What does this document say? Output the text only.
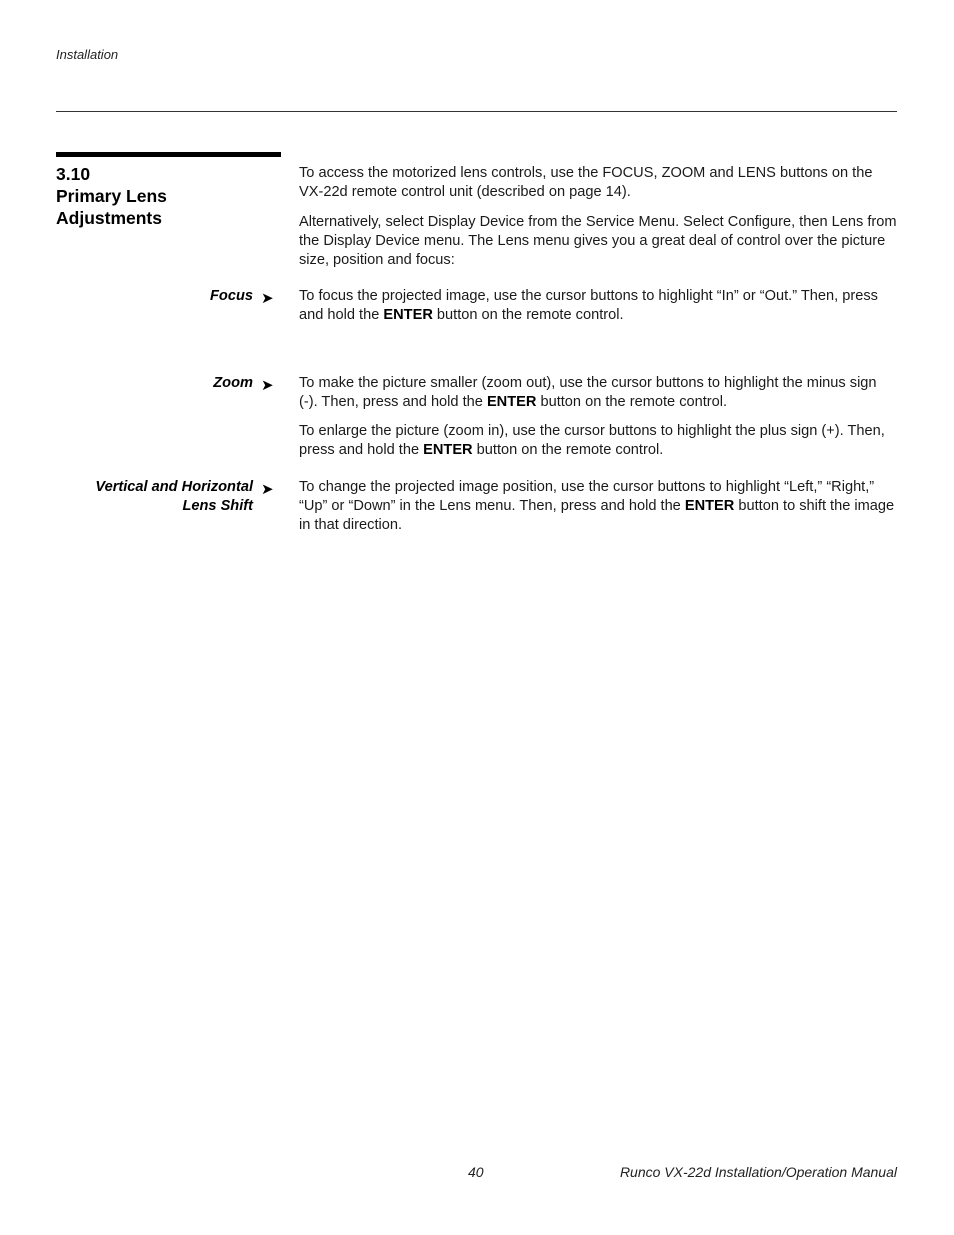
Installation
3.10
Primary Lens
Adjustments

To access the motorized lens controls, use the FOCUS, ZOOM and LENS buttons on the VX-22d remote control unit (described on page 14).

Alternatively, select Display Device from the Service Menu. Select Configure, then Lens from the Display Device menu. The Lens menu gives you a great deal of control over the picture size, position and focus:

Focus ➤ To focus the projected image, use the cursor buttons to highlight “In” or “Out.” Then, press and hold the ENTER button on the remote control.

Zoom ➤ To make the picture smaller (zoom out), use the cursor buttons to highlight the minus sign (-). Then, press and hold the ENTER button on the remote control.

To enlarge the picture (zoom in), use the cursor buttons to highlight the plus sign (+). Then, press and hold the ENTER button on the remote control.

Vertical and Horizontal
Lens Shift
➤ To change the projected image position, use the cursor buttons to highlight “Left,” “Right,” “Up” or “Down” in the Lens menu. Then, press and hold the ENTER button to shift the image in that direction.

40	Runco VX-22d Installation/Operation Manual
